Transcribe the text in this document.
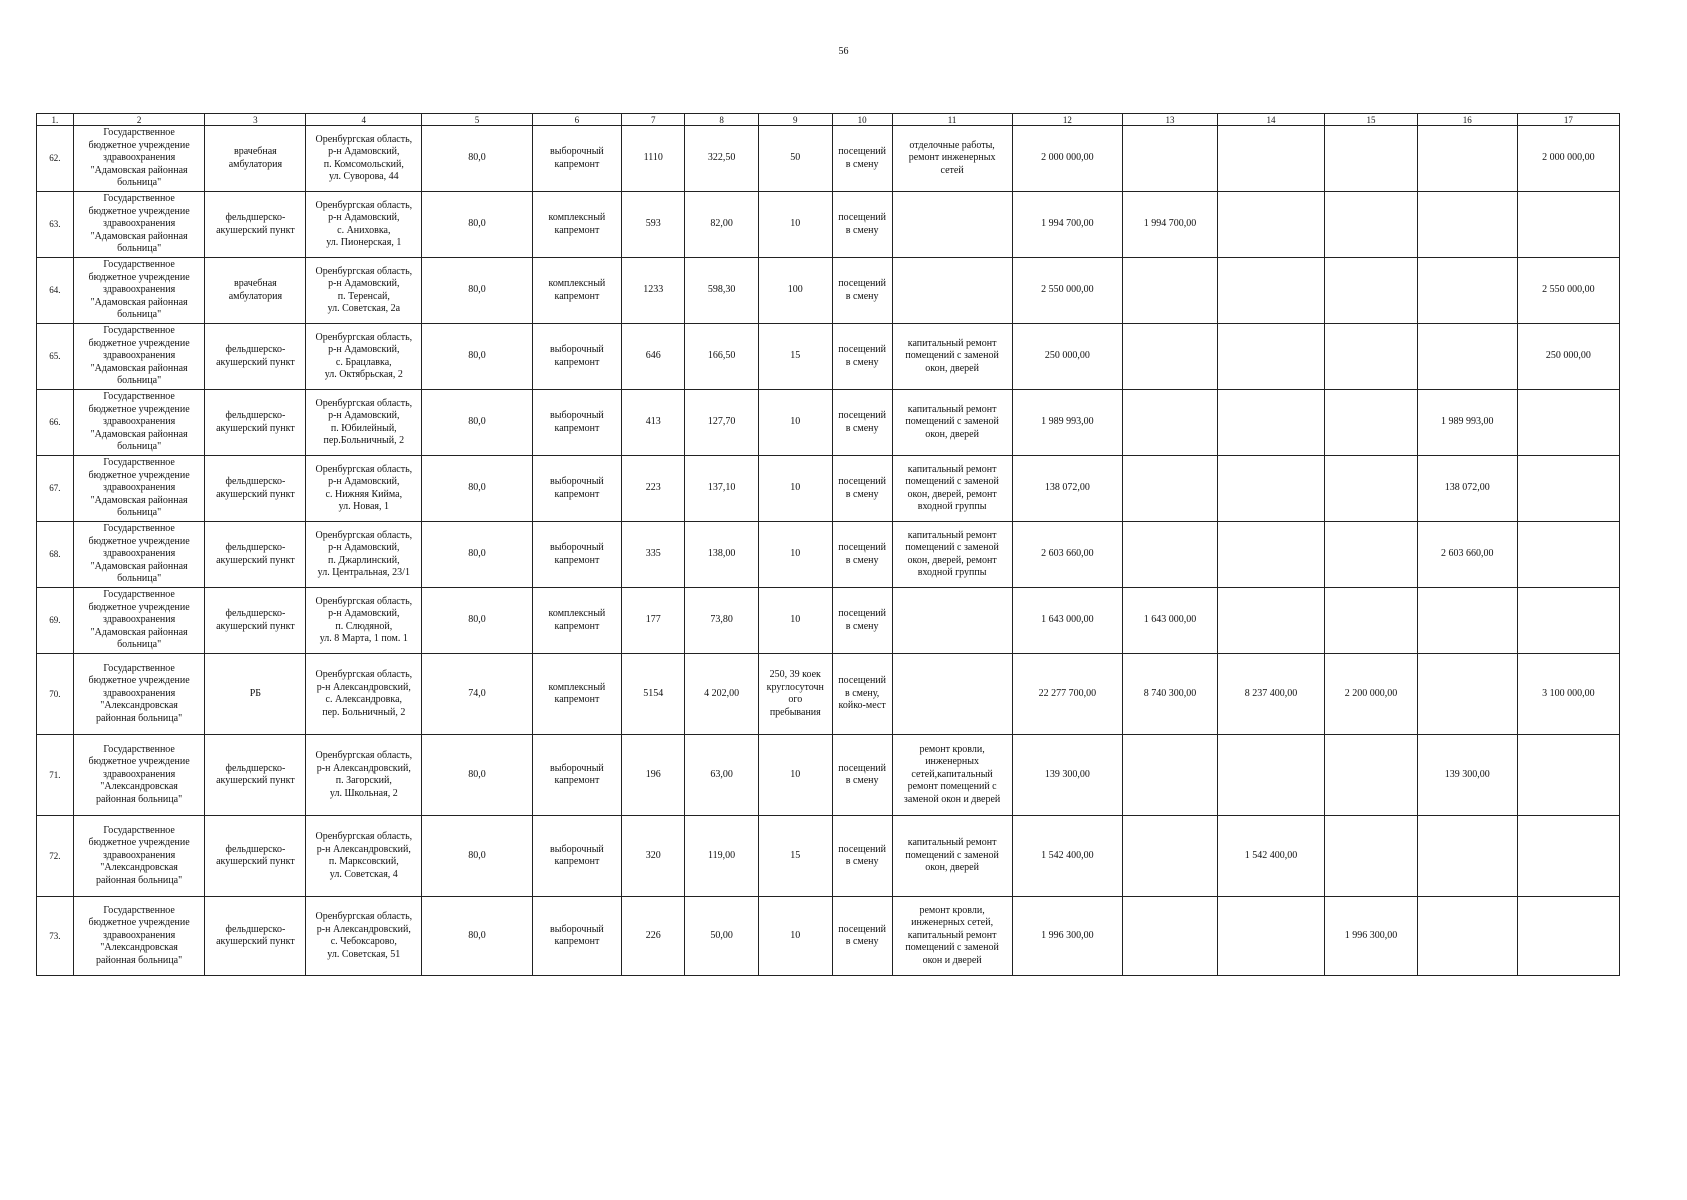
56
1.	2	3	4	5	6	7	8	9	10	11	12	13	14	15	16	17
62.	Государственное
бюджетное учреждение
здравоохранения
"Адамовская районная
больница"	врачебная
амбулатория	Оренбургская область,
р-н Адамовский,
п. Комсомольский,
ул. Суворова, 44	80,0	выборочный
капремонт	1110	322,50	50	посещений
в смену	отделочные работы,
ремонт инженерных
сетей	2 000 000,00					2 000 000,00
63.	Государственное
бюджетное учреждение
здравоохранения
"Адамовская районная
больница"	фельдшерско-
акушерский пункт	Оренбургская область,
р-н Адамовский,
с. Аниховка,
ул. Пионерская, 1	80,0	комплексный
капремонт	593	82,00	10	посещений
в смену		1 994 700,00	1 994 700,00				
64.	Государственное
бюджетное учреждение
здравоохранения
"Адамовская районная
больница"	врачебная
амбулатория	Оренбургская область,
р-н Адамовский,
п. Теренсай,
ул. Советская, 2а	80,0	комплексный
капремонт	1233	598,30	100	посещений
в смену		2 550 000,00					2 550 000,00
65.	Государственное
бюджетное учреждение
здравоохранения
"Адамовская районная
больница"	фельдшерско-
акушерский пункт	Оренбургская область,
р-н Адамовский,
с. Брацлавка,
ул. Октябрьская, 2	80,0	выборочный
капремонт	646	166,50	15	посещений
в смену	капитальный ремонт
помещений с заменой
окон, дверей	250 000,00					250 000,00
66.	Государственное
бюджетное учреждение
здравоохранения
"Адамовская районная
больница"	фельдшерско-
акушерский пункт	Оренбургская область,
р-н Адамовский,
п. Юбилейный,
пер.Больничный, 2	80,0	выборочный
капремонт	413	127,70	10	посещений
в смену	капитальный ремонт
помещений с заменой
окон, дверей	1 989 993,00				1 989 993,00	
67.	Государственное
бюджетное учреждение
здравоохранения
"Адамовская районная
больница"	фельдшерско-
акушерский пункт	Оренбургская область,
р-н Адамовский,
с. Нижняя Кийма,
ул. Новая, 1	80,0	выборочный
капремонт	223	137,10	10	посещений
в смену	капитальный ремонт
помещений с заменой
окон, дверей, ремонт
входной группы	138 072,00				138 072,00	
68.	Государственное
бюджетное учреждение
здравоохранения
"Адамовская районная
больница"	фельдшерско-
акушерский пункт	Оренбургская область,
р-н Адамовский,
п. Джарлинский,
ул. Центральная, 23/1	80,0	выборочный
капремонт	335	138,00	10	посещений
в смену	капитальный ремонт
помещений с заменой
окон, дверей, ремонт
входной группы	2 603 660,00				2 603 660,00	
69.	Государственное
бюджетное учреждение
здравоохранения
"Адамовская районная
больница"	фельдшерско-
акушерский пункт	Оренбургская область,
р-н Адамовский,
п. Слюдяной,
ул. 8 Марта, 1 пом. 1	80,0	комплексный
капремонт	177	73,80	10	посещений
в смену		1 643 000,00	1 643 000,00				
70.	Государственное
бюджетное учреждение
здравоохранения
"Александровская
районная больница"	РБ	Оренбургская область,
р-н Александровский,
с. Александровка,
пер. Больничный, 2	74,0	комплексный
капремонт	5154	4 202,00	250, 39 коек
круглосуточн
ого
пребывания	посещений
в смену,
койко-мест		22 277 700,00	8 740 300,00	8 237 400,00	2 200 000,00		3 100 000,00
71.	Государственное
бюджетное учреждение
здравоохранения
"Александровская
районная больница"	фельдшерско-
акушерский пункт	Оренбургская область,
р-н Александровский,
п. Загорский,
ул. Школьная, 2	80,0	выборочный
капремонт	196	63,00	10	посещений
в смену	ремонт кровли,
инженерных
сетей,капитальный
ремонт помещений с
заменой окон и дверей	139 300,00				139 300,00	
72.	Государственное
бюджетное учреждение
здравоохранения
"Александровская
районная больница"	фельдшерско-
акушерский пункт	Оренбургская область,
р-н Александровский,
п. Марксовский,
ул. Советская, 4	80,0	выборочный
капремонт	320	119,00	15	посещений
в смену	капитальный ремонт
помещений с заменой
окон, дверей	1 542 400,00		1 542 400,00			
73.	Государственное
бюджетное учреждение
здравоохранения
"Александровская
районная больница"	фельдшерско-
акушерский пункт	Оренбургская область,
р-н Александровский,
с. Чебоксарово,
ул. Советская, 51	80,0	выборочный
капремонт	226	50,00	10	посещений
в смену	ремонт кровли,
инженерных сетей,
капитальный ремонт
помещений с заменой
окон и дверей	1 996 300,00			1 996 300,00		
